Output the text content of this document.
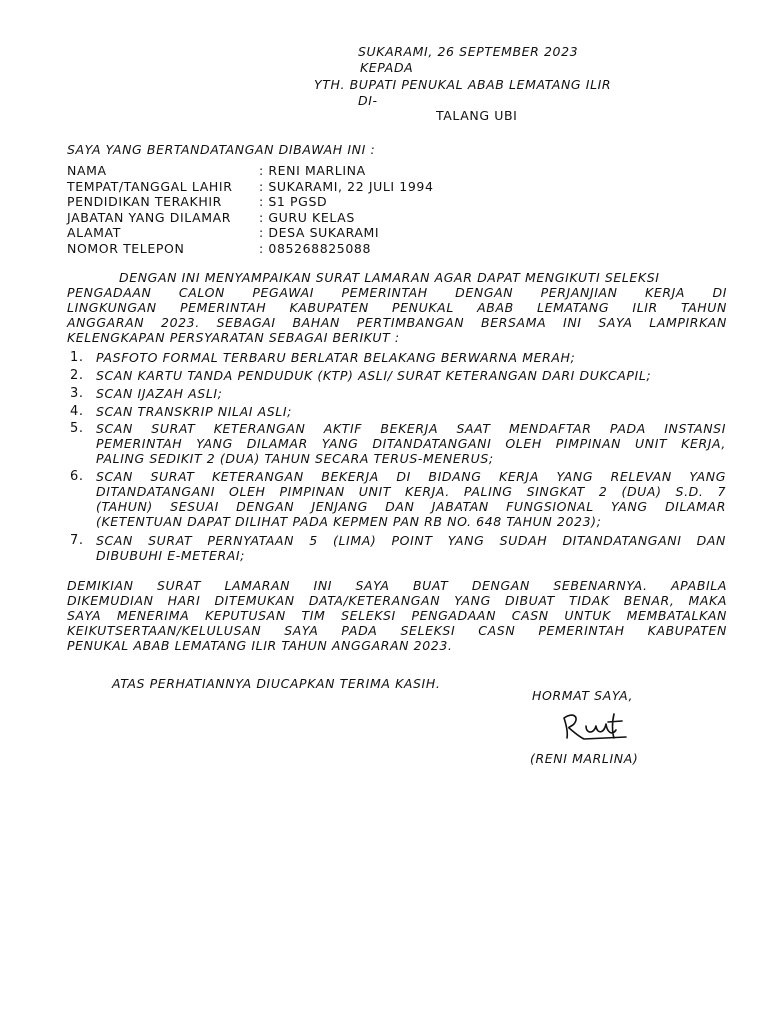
SUKARAMI, 26 SEPTEMBER 2023
KEPADA
YTH. BUPATI PENUKAL ABAB LEMATANG ILIR
DI-
TALANG UBI
SAYA YANG BERTANDATANGAN DIBAWAH INI :
NAMA	: RENI MARLINA
TEMPAT/TANGGAL LAHIR : SUKARAMI, 22 JULI 1994
PENDIDIKAN TERAKHIR	: S1 PGSD
JABATAN YANG DILAMAR : GURU KELAS
ALAMAT	: DESA SUKARAMI
NOMOR TELEPON	: 085268825088
DENGAN INI MENYAMPAIKAN SURAT LAMARAN AGAR DAPAT MENGIKUTI SELEKSI
PENGADAAN CALON PEGAWAI PEMERINTAH DENGAN PERJANJIAN KERJA DI
LINGKUNGAN PEMERINTAH KABUPATEN PENUKAL ABAB LEMATANG ILIR TAHUN
ANGGARAN 2023. SEBAGAI BAHAN PERTIMBANGAN BERSAMA INI SAYA LAMPIRKAN
KELENGKAPAN PERSYARATAN SEBAGAI BERIKUT :
1. PASFOTO FORMAL TERBARU BERLATAR BELAKANG BERWARNA MERAH;
2. SCAN KARTU TANDA PENDUDUK (KTP) ASLI/ SURAT KETERANGAN DARI DUKCAPIL;
3. SCAN IJAZAH ASLI;
4. SCAN TRANSKRIP NILAI ASLI;
5. SCAN SURAT KETERANGAN AKTIF BEKERJA SAAT MENDAFTAR PADA INSTANSI
PEMERINTAH YANG DILAMAR YANG DITANDATANGANI OLEH PIMPINAN UNIT KERJA,
PALING SEDIKIT 2 (DUA) TAHUN SECARA TERUS-MENERUS;
6. SCAN SURAT KETERANGAN BEKERJA DI BIDANG KERJA YANG RELEVAN YANG
DITANDATANGANI OLEH PIMPINAN UNIT KERJA. PALING SINGKAT 2 (DUA) S.D. 7
(TAHUN) SESUAI DENGAN JENJANG DAN JABATAN FUNGSIONAL YANG DILAMAR
(KETENTUAN DAPAT DILIHAT PADA KEPMEN PAN RB NO. 648 TAHUN 2023);
7. SCAN SURAT PERNYATAAN 5 (LIMA) POINT YANG SUDAH DITANDATANGANI DAN
DIBUBUHI E-METERAI;
DEMIKIAN SURAT LAMARAN INI SAYA BUAT DENGAN SEBENARNYA. APABILA
DIKEMUDIAN HARI DITEMUKAN DATA/KETERANGAN YANG DIBUAT TIDAK BENAR, MAKA
SAYA MENERIMA KEPUTUSAN TIM SELEKSI PENGADAAN CASN UNTUK MEMBATALKAN
KEIKUTSERTAAN/KELULUSAN SAYA PADA SELEKSI CASN PEMERINTAH KABUPATEN
PENUKAL ABAB LEMATANG ILIR TAHUN ANGGARAN 2023.
ATAS PERHATIANNYA DIUCAPKAN TERIMA KASIH.
HORMAT SAYA,
(RENI MARLINA)
